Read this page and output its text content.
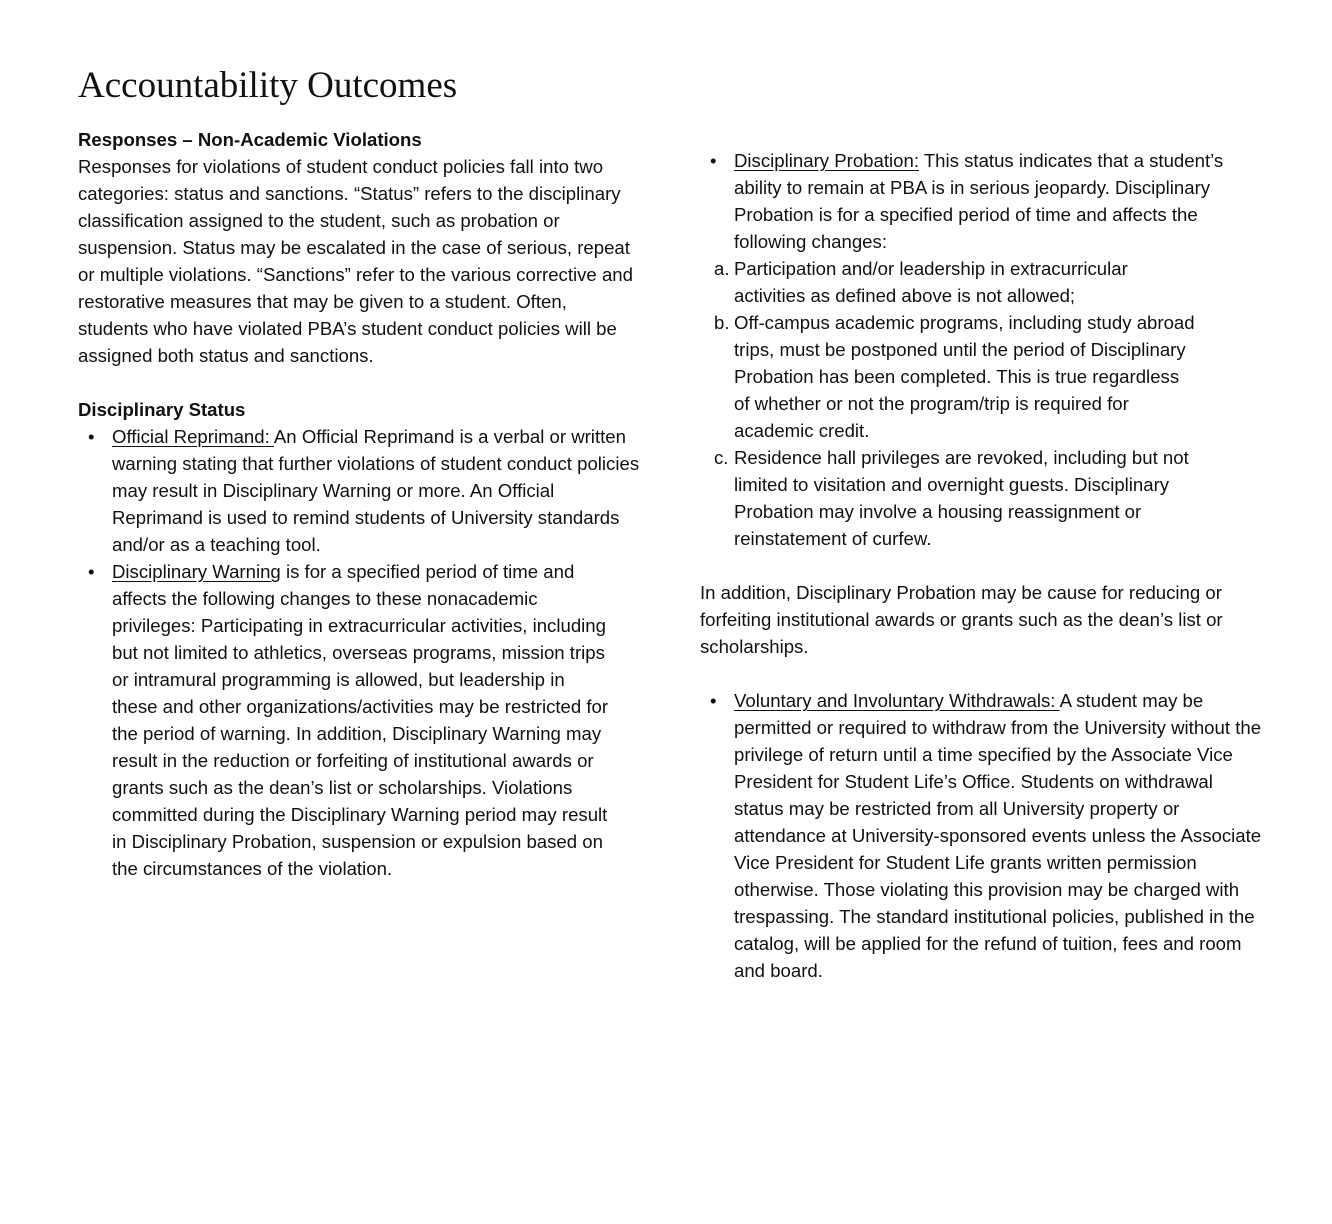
Accountability Outcomes
Responses – Non-Academic Violations

Responses for violations of student conduct policies fall into two categories: status and sanctions. “Status” refers to the disciplinary classification assigned to the student, such as probation or suspension. Status may be escalated in the case of serious, repeat or multiple violations. “Sanctions” refer to the various corrective and restorative measures that may be given to a student. Often, students who have violated PBA’s student conduct policies will be assigned both status and sanctions.

Disciplinary Status
• Official Reprimand: An Official Reprimand is a verbal or written warning stating that further violations of student conduct policies may result in Disciplinary Warning or more. An Official Reprimand is used to remind students of University standards and/or as a teaching tool.
• Disciplinary Warning is for a specified period of time and affects the following changes to these nonacademic privileges: Participating in extracurricular activities, including but not limited to athletics, overseas programs, mission trips or intramural programming is allowed, but leadership in these and other organizations/activities may be restricted for the period of warning. In addition, Disciplinary Warning may result in the reduction or forfeiting of institutional awards or grants such as the dean’s list or scholarships. Violations committed during the Disciplinary Warning period may result in Disciplinary Probation, suspension or expulsion based on the circumstances of the violation.
• Disciplinary Probation: This status indicates that a student’s ability to remain at PBA is in serious jeopardy. Disciplinary Probation is for a specified period of time and affects the following changes:
a. Participation and/or leadership in extracurricular activities as defined above is not allowed;
b. Off-campus academic programs, including study abroad trips, must be postponed until the period of Disciplinary Probation has been completed. This is true regardless of whether or not the program/trip is required for academic credit.
c. Residence hall privileges are revoked, including but not limited to visitation and overnight guests. Disciplinary Probation may involve a housing reassignment or reinstatement of curfew.

In addition, Disciplinary Probation may be cause for reducing or forfeiting institutional awards or grants such as the dean’s list or scholarships.

• Voluntary and Involuntary Withdrawals: A student may be permitted or required to withdraw from the University without the privilege of return until a time specified by the Associate Vice President for Student Life’s Office. Students on withdrawal status may be restricted from all University property or attendance at University-sponsored events unless the Associate Vice President for Student Life grants written permission otherwise. Those violating this provision may be charged with trespassing. The standard institutional policies, published in the catalog, will be applied for the refund of tuition, fees and room and board.
